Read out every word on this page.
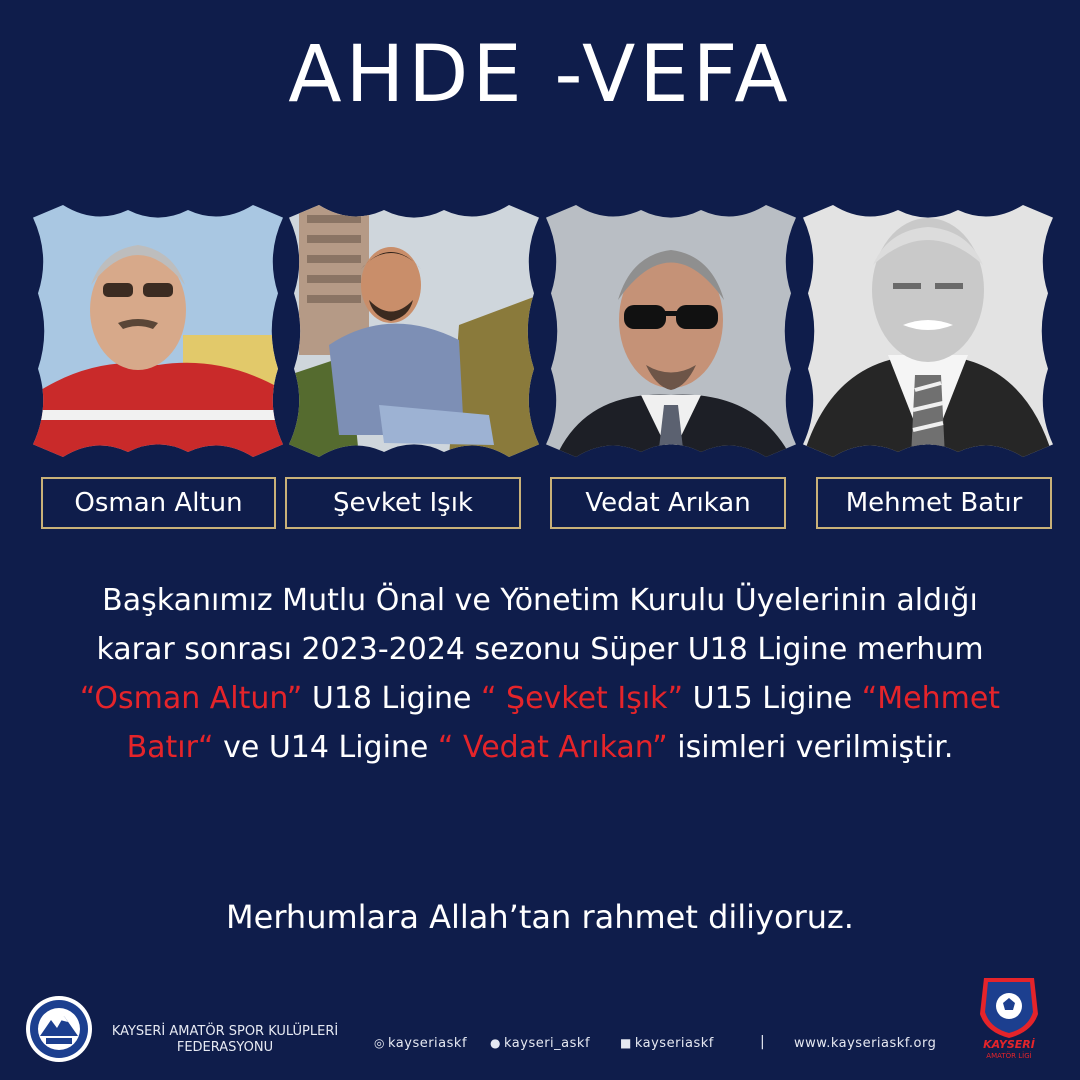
AHDE -VEFA
Osman Altun	Şevket Işık	Vedat Arıkan	Mehmet Batır
Başkanımız Mutlu Önal ve Yönetim Kurulu Üyelerinin aldığı karar sonrası 2023-2024 sezonu Süper U18 Ligine merhum “Osman Altun” U18 Ligine “ Şevket Işık” U15 Ligine “Mehmet Batır“ ve U14 Ligine “ Vedat Arıkan” isimleri verilmiştir.
Merhumlara Allah’tan rahmet diliyoruz.
KAYSERİ AMATÖR SPOR KULÜPLERİ
FEDERASYONU	◎ kayseriaskf ● kayseri_askf ■ kayseriaskf	| www.kayseriaskf.org	KAYSERİ
AMATÖR LİGİ
